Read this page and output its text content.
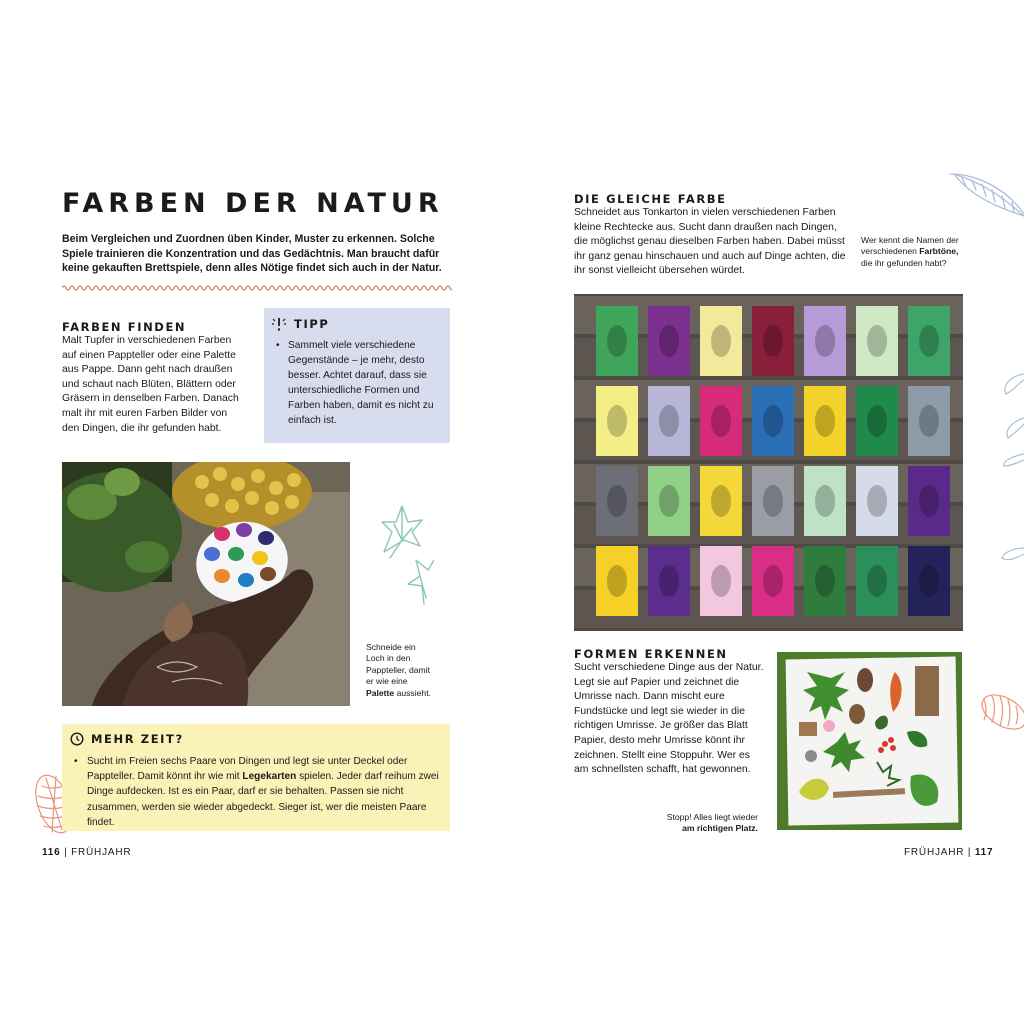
FARBEN DER NATUR
Beim Vergleichen und Zuordnen üben Kinder, Muster zu erkennen. Solche Spiele trainieren die Konzentration und das Gedächtnis. Man braucht dafür keine gekauften Brettspiele, denn alles Nötige findet sich auch in der Natur.
FARBEN FINDEN
Malt Tupfer in verschiedenen Farben auf einen Pappteller oder eine Palette aus Pappe. Dann geht nach draußen und schaut nach Blüten, Blättern oder Gräsern in denselben Farben. Danach malt ihr mit euren Farben Bilder von den Dingen, die ihr gefunden habt.
TIPP
• Sammelt viele verschiedene Gegenstände – je mehr, desto besser. Achtet darauf, dass sie unterschiedliche Formen und Farben haben, damit es nicht zu einfach ist.
Schneide ein Loch in den Pappteller, damit er wie eine Palette aussieht.
MEHR ZEIT?
• Sucht im Freien sechs Paare von Dingen und legt sie unter Deckel oder Pappteller. Damit könnt ihr wie mit Legekarten spielen. Jeder darf reihum zwei Dinge aufdecken. Ist es ein Paar, darf er sie behalten. Passen sie nicht zusammen, werden sie wieder abgedeckt. Sieger ist, wer die meisten Paare findet.
116 | FRÜHJAHR
DIE GLEICHE FARBE
Schneidet aus Tonkarton in vielen verschiedenen Farben kleine Rechtecke aus. Sucht dann draußen nach Dingen, die möglichst genau dieselben Farben haben. Dabei müsst ihr ganz genau hinschauen und auch auf Dinge achten, die ihr sonst vielleicht übersehen würdet.
Wer kennt die Namen der verschiedenen Farbtöne, die ihr gefunden habt?
FORMEN ERKENNEN
Sucht verschiedene Dinge aus der Natur. Legt sie auf Papier und zeichnet die Umrisse nach. Dann mischt eure Fundstücke und legt sie wieder in die richtigen Umrisse. Je größer das Blatt Papier, desto mehr Umrisse könnt ihr zeichnen. Stellt eine Stoppuhr. Wer es am schnellsten schafft, hat gewonnen.
Stopp! Alles liegt wieder am richtigen Platz.
FRÜHJAHR | 117
